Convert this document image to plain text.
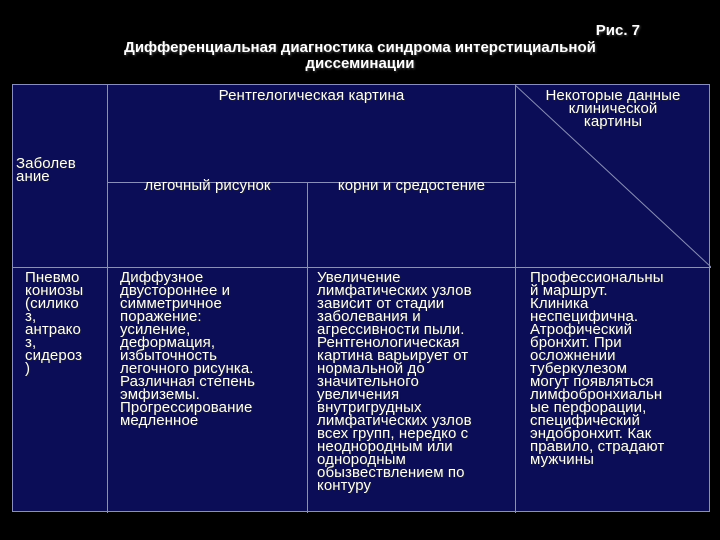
Рис. 7
Дифференциальная диагностика синдрома интерстициальной
диссеминации
Рентгелогическая картина	Некоторые данные
клинической
картины
Заболев
ание
легочный рисунок	корни и средостение
Пневмо
кониозы
(силико
з,
антрако
з,
сидероз
)
Диффузное
двустороннее и
симметричное
поражение:
усиление,
деформация,
избыточность
легочного рисунка.
Различная степень
эмфиземы.
Прогрессирование
медленное
Увеличение
лимфатических узлов
зависит от стадии
заболевания и
агрессивности пыли.
Рентгенологическая
картина варьирует от
нормальной до
значительного
увеличения
внутригрудных
лимфатических узлов
всех групп, нередко с
неоднородным или
однородным
обызвествлением по
контуру
Профессиональны
й маршрут.
Клиника
неспецифична.
Атрофический
бронхит. При
осложнении
туберкулезом
могут появляться
лимфобронхиальн
ые перфорации,
специфический
эндобронхит. Как
правило, страдают
мужчины
